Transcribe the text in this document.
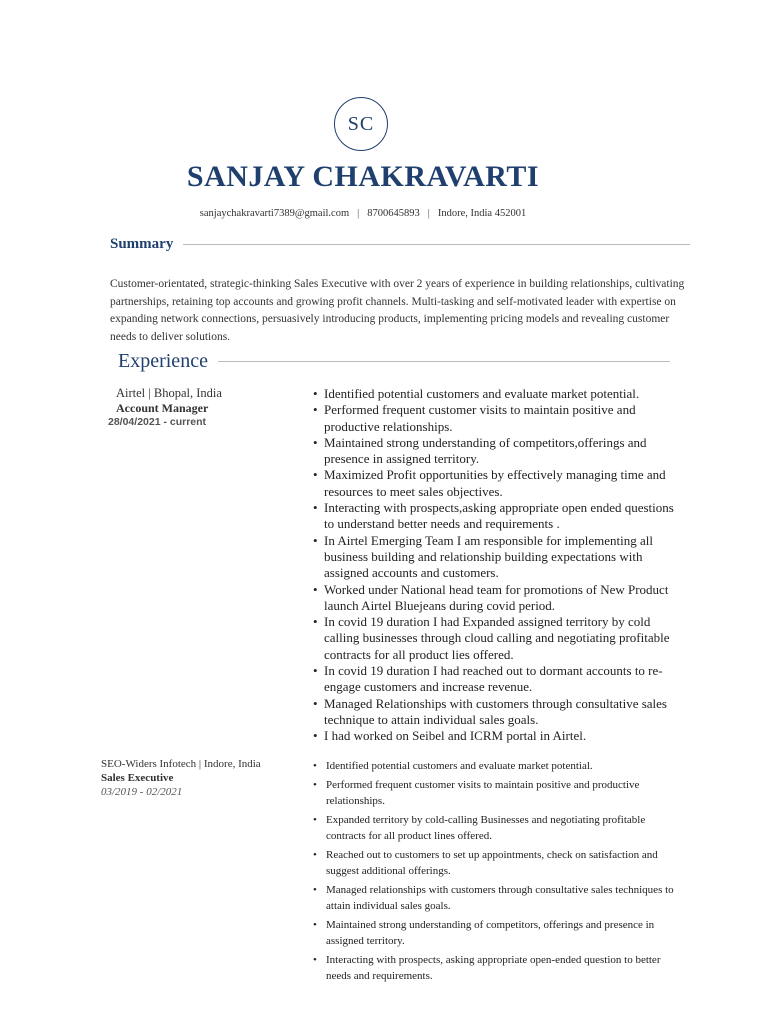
SC
SANJAY CHAKRAVARTI
sanjaychakravarti7389@gmail.com | 8700645893 | Indore, India 452001
Summary
Customer-orientated, strategic-thinking Sales Executive with over 2 years of experience in building relationships, cultivating partnerships, retaining top accounts and growing profit channels. Multi-tasking and self-motivated leader with expertise on expanding network connections, persuasively introducing products, implementing pricing models and revealing customer needs to deliver solutions.
Experience
Airtel | Bhopal, India
Account Manager
28/04/2021 - current
• Identified potential customers and evaluate market potential.
• Performed frequent customer visits to maintain positive and productive relationships.
• Maintained strong understanding of competitors,offerings and presence in assigned territory.
• Maximized Profit opportunities by effectively managing time and resources to meet sales objectives.
• Interacting with prospects,asking appropriate open ended questions to understand better needs and requirements .
• In Airtel Emerging Team I am responsible for implementing all business building and relationship building expectations with assigned accounts and customers.
• Worked under National head team for promotions of New Product launch Airtel Bluejeans during covid period.
• In covid 19 duration I had Expanded assigned territory by cold calling businesses through cloud calling and negotiating profitable contracts for all product lies offered.
• In covid 19 duration I had reached out to dormant accounts to re-engage customers and increase revenue.
• Managed Relationships with customers through consultative sales technique to attain individual sales goals.
• I had worked on Seibel and ICRM portal in Airtel.
SEO-Widers Infotech | Indore, India
Sales Executive
03/2019 - 02/2021
• Identified potential customers and evaluate market potential.
• Performed frequent customer visits to maintain positive and productive relationships.
• Expanded territory by cold-calling Businesses and negotiating profitable contracts for all product lines offered.
• Reached out to customers to set up appointments, check on satisfaction and suggest additional offerings.
• Managed relationships with customers through consultative sales techniques to attain individual sales goals.
• Maintained strong understanding of competitors, offerings and presence in assigned territory.
• Interacting with prospects, asking appropriate open-ended question to better needs and requirements.
